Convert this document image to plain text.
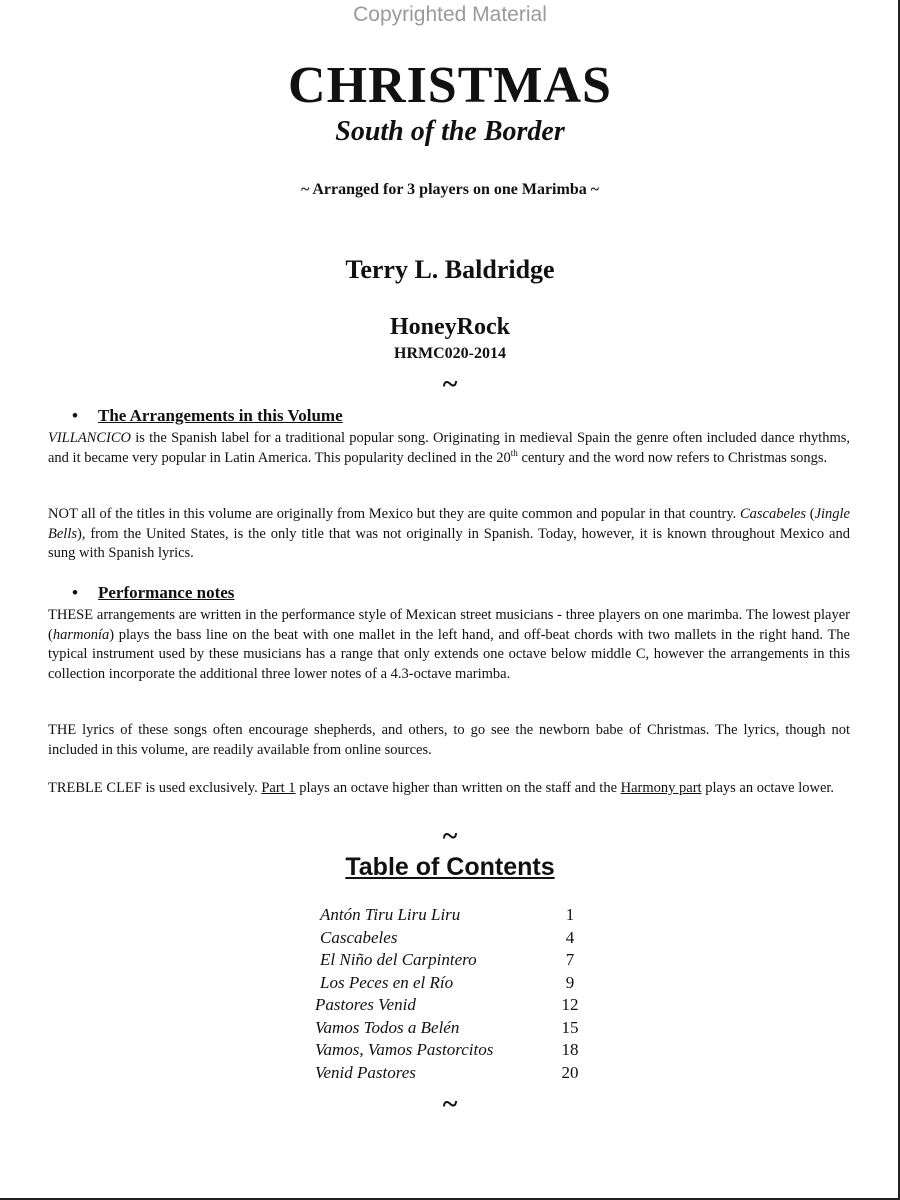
Copyrighted Material
CHRISTMAS
South of the Border
~ Arranged for 3 players on one Marimba ~
Terry L. Baldridge
HoneyRock
HRMC020-2014
~
• The Arrangements in this Volume
VILLANCICO is the Spanish label for a traditional popular song. Originating in medieval Spain the genre often included dance rhythms, and it became very popular in Latin America. This popularity declined in the 20th century and the word now refers to Christmas songs.
NOT all of the titles in this volume are originally from Mexico but they are quite common and popular in that country. Cascabeles (Jingle Bells), from the United States, is the only title that was not originally in Spanish. Today, however, it is known throughout Mexico and sung with Spanish lyrics.
• Performance notes
THESE arrangements are written in the performance style of Mexican street musicians - three players on one marimba. The lowest player (harmonía) plays the bass line on the beat with one mallet in the left hand, and off-beat chords with two mallets in the right hand. The typical instrument used by these musicians has a range that only extends one octave below middle C, however the arrangements in this collection incorporate the additional three lower notes of a 4.3-octave marimba.
THE lyrics of these songs often encourage shepherds, and others, to go see the newborn babe of Christmas. The lyrics, though not included in this volume, are readily available from online sources.
TREBLE CLEF is used exclusively. Part 1 plays an octave higher than written on the staff and the Harmony part plays an octave lower.
~
Table of Contents
Antón Tiru Liru Liru	1
Cascabeles	4
El Niño del Carpintero	7
Los Peces en el Río	9
Pastores Venid	12
Vamos Todos a Belén	15
Vamos, Vamos Pastorcitos	18
Venid Pastores	20
~
